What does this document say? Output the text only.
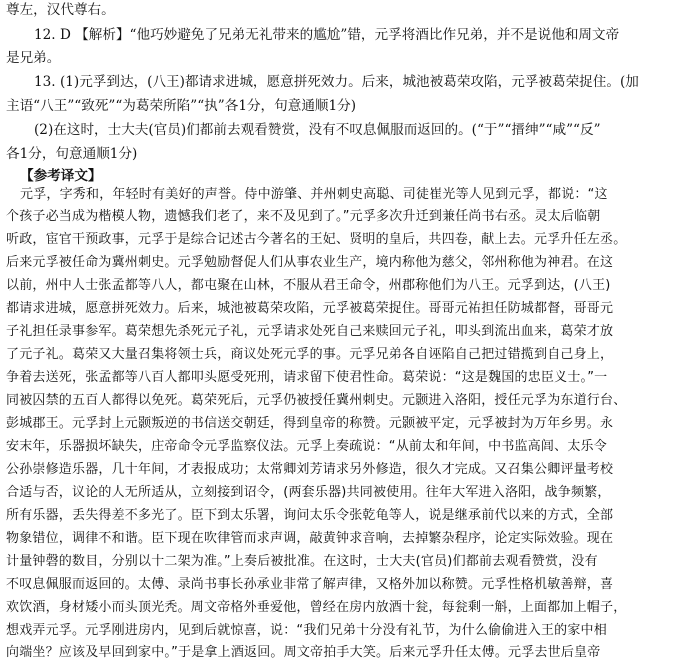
尊左，汉代尊右。
12. D 【解析】“他巧妙避免了兄弟无礼带来的尴尬”错，元孚将酒比作兄弟，并不是说他和周文帝
是兄弟。
13. (1)元孚到达，(八王)都请求进城，愿意拼死效力。后来，城池被葛荣攻陷，元孚被葛荣捉住。(加
主语“八王”“致死”“为葛荣所陷”“执”各1分，句意通顺1分)
(2)在这时，士大夫(官员)们都前去观看赞赏，没有不叹息佩服而返回的。(“于”“搢绅”“咸”“反”
各1分，句意通顺1分)
【参考译文】
元孚，字秀和，年轻时有美好的声誉。侍中游肇、并州刺史高聪、司徒崔光等人见到元孚，都说：“这
个孩子必当成为楷模人物，遗憾我们老了，来不及见到了。”元孚多次升迁到兼任尚书右丞。灵太后临朝
听政，宦官干预政事，元孚于是综合记述古今著名的王妃、贤明的皇后，共四卷，献上去。元孚升任左丞。
后来元孚被任命为冀州刺史。元孚勉励督促人们从事农业生产，境内称他为慈父，邻州称他为神君。在这
以前，州中人士张孟都等八人，都屯聚在山林，不服从君王命令，州郡称他们为八王。元孚到达，(八王)
都请求进城，愿意拼死效力。后来，城池被葛荣攻陷，元孚被葛荣捉住。哥哥元祐担任防城都督，哥哥元
子礼担任录事参军。葛荣想先杀死元子礼，元孚请求处死自己来赎回元子礼，叩头到流出血来，葛荣才放
了元子礼。葛荣又大量召集将领士兵，商议处死元孚的事。元孚兄弟各自诬陷自己把过错揽到自己身上，
争着去送死，张孟都等八百人都叩头愿受死刑，请求留下使君性命。葛荣说：“这是魏国的忠臣义士。”一
同被囚禁的五百人都得以免死。葛荣死后，元孚仍被授任冀州刺史。元颢进入洛阳，授任元孚为东道行台、
彭城郡王。元孚封上元颢叛逆的书信送交朝廷，得到皇帝的称赞。元颢被平定，元孚被封为万年乡男。永
安末年，乐器损坏缺失，庄帝命令元孚监察仪法。元孚上奏疏说：“从前太和年间，中书监高闾、太乐令
公孙崇修造乐器，几十年间，才表报成功；太常卿刘芳请求另外修造，很久才完成。又召集公卿评量考校
合适与否，议论的人无所适从，立刻接到诏令，(两套乐器)共同被使用。往年大军进入洛阳，战争频繁，
所有乐器，丢失得差不多光了。臣下到太乐署，询问太乐令张乾龟等人，说是继承前代以来的方式，全部
物象错位，调律不和谐。臣下现在吹律管而求声调，敲黄钟求音响，去掉繁杂程序，论定实际效验。现在
计量钟磬的数目，分别以十二架为准。”上奏后被批准。在这时，士大夫(官员)们都前去观看赞赏，没有
不叹息佩服而返回的。太傅、录尚书事长孙承业非常了解声律，又格外加以称赞。元孚性格机敏善辩，喜
欢饮酒，身材矮小而头顶光秃。周文帝格外垂爱他，曾经在房内放酒十瓮，每瓮剩一斛，上面都加上帽子，
想戏弄元孚。元孚刚进房内，见到后就惊喜，说：“我们兄弟十分没有礼节，为什么偷偷进入王的家中相
向端坐？应该及早回到家中。”于是拿上酒返回。周文帝拍手大笑。后来元孚升任太傅。元孚去世后皇帝
